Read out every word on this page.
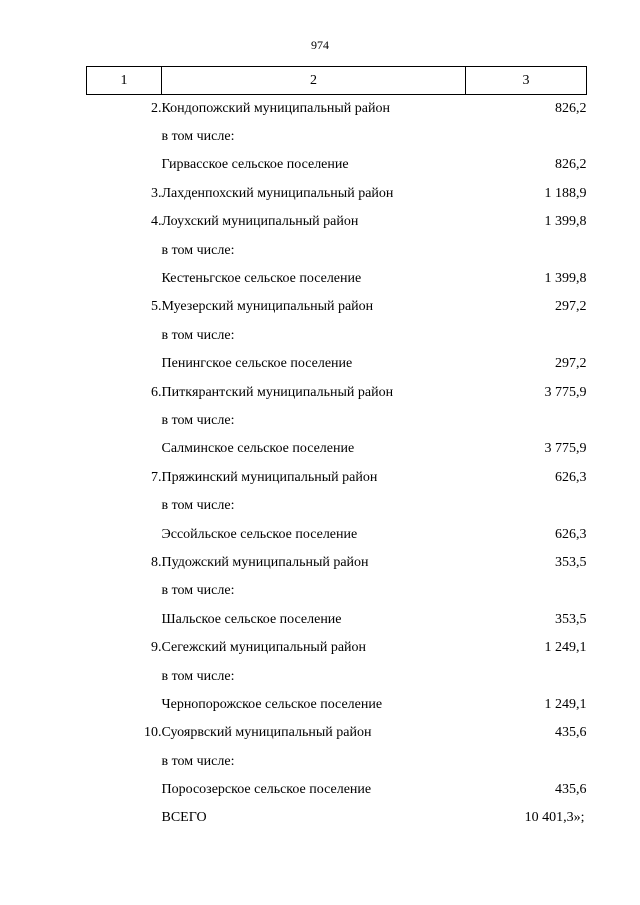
974
1	2	3
2.	Кондопожский муниципальный район	826,2
	в том числе:	
	Гирвасское сельское поселение	826,2
3.	Лахденпохский муниципальный район	1 188,9
4.	Лоухский муниципальный район	1 399,8
	в том числе:	
	Кестеньгское сельское поселение	1 399,8
5.	Муезерский муниципальный район	297,2
	в том числе:	
	Пенингское сельское поселение	297,2
6.	Питкярантский муниципальный район	3 775,9
	в том числе:	
	Салминское сельское поселение	3 775,9
7.	Пряжинский муниципальный район	626,3
	в том числе:	
	Эссойльское сельское поселение	626,3
8.	Пудожский муниципальный район	353,5
	в том числе:	
	Шальское сельское поселение	353,5
9.	Сегежский муниципальный район	1 249,1
	в том числе:	
	Чернопорожское сельское поселение	1 249,1
10.	Суоярвский муниципальный район	435,6
	в том числе:	
	Поросозерское сельское поселение	435,6
	ВСЕГО	10 401,3»;
